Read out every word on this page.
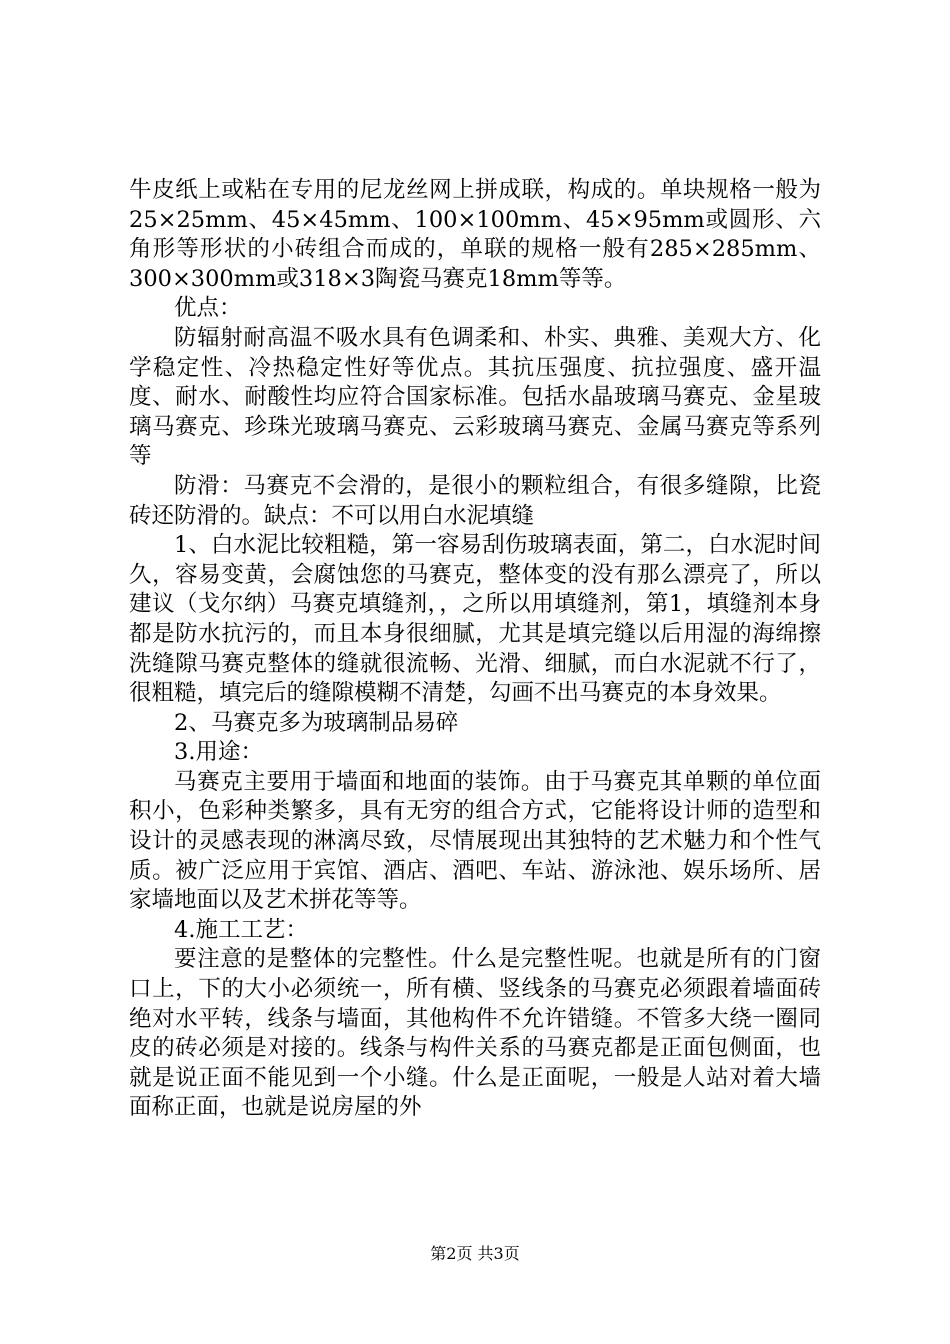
牛皮纸上或粘在专用的尼龙丝网上拼成联，构成的。单块规格一般为25×25mm、45×45mm、100×100mm、45×95mm或圆形、六角形等形状的小砖组合而成的，单联的规格一般有285×285mm、300×300mm或318×3陶瓷马赛克18mm等等。

优点：

防辐射耐高温不吸水具有色调柔和、朴实、典雅、美观大方、化学稳定性、冷热稳定性好等优点。其抗压强度、抗拉强度、盛开温度、耐水、耐酸性均应符合国家标准。包括水晶玻璃马赛克、金星玻璃马赛克、珍珠光玻璃马赛克、云彩玻璃马赛克、金属马赛克等系列等

防滑：马赛克不会滑的，是很小的颗粒组合，有很多缝隙，比瓷砖还防滑的。缺点：不可以用白水泥填缝

1、白水泥比较粗糙，第一容易刮伤玻璃表面，第二，白水泥时间久，容易变黄，会腐蚀您的马赛克，整体变的没有那么漂亮了，所以建议（戈尔纳）马赛克填缝剂，，之所以用填缝剂，第1，填缝剂本身都是防水抗污的，而且本身很细腻，尤其是填完缝以后用湿的海绵擦洗缝隙马赛克整体的缝就很流畅、光滑、细腻，而白水泥就不行了，很粗糙，填完后的缝隙模糊不清楚，勾画不出马赛克的本身效果。

2、马赛克多为玻璃制品易碎

3.用途：

马赛克主要用于墙面和地面的装饰。由于马赛克其单颗的单位面积小，色彩种类繁多，具有无穷的组合方式，它能将设计师的造型和设计的灵感表现的淋漓尽致，尽情展现出其独特的艺术魅力和个性气质。被广泛应用于宾馆、酒店、酒吧、车站、游泳池、娱乐场所、居家墙地面以及艺术拼花等等。

4.施工工艺：

要注意的是整体的完整性。什么是完整性呢。也就是所有的门窗口上，下的大小必须统一，所有横、竖线条的马赛克必须跟着墙面砖绝对水平转，线条与墙面，其他构件不允许错缝。不管多大绕一圈同皮的砖必须是对接的。线条与构件关系的马赛克都是正面包侧面，也就是说正面不能见到一个小缝。什么是正面呢，一般是人站对着大墙面称正面，也就是说房屋的外

第2页 共3页
